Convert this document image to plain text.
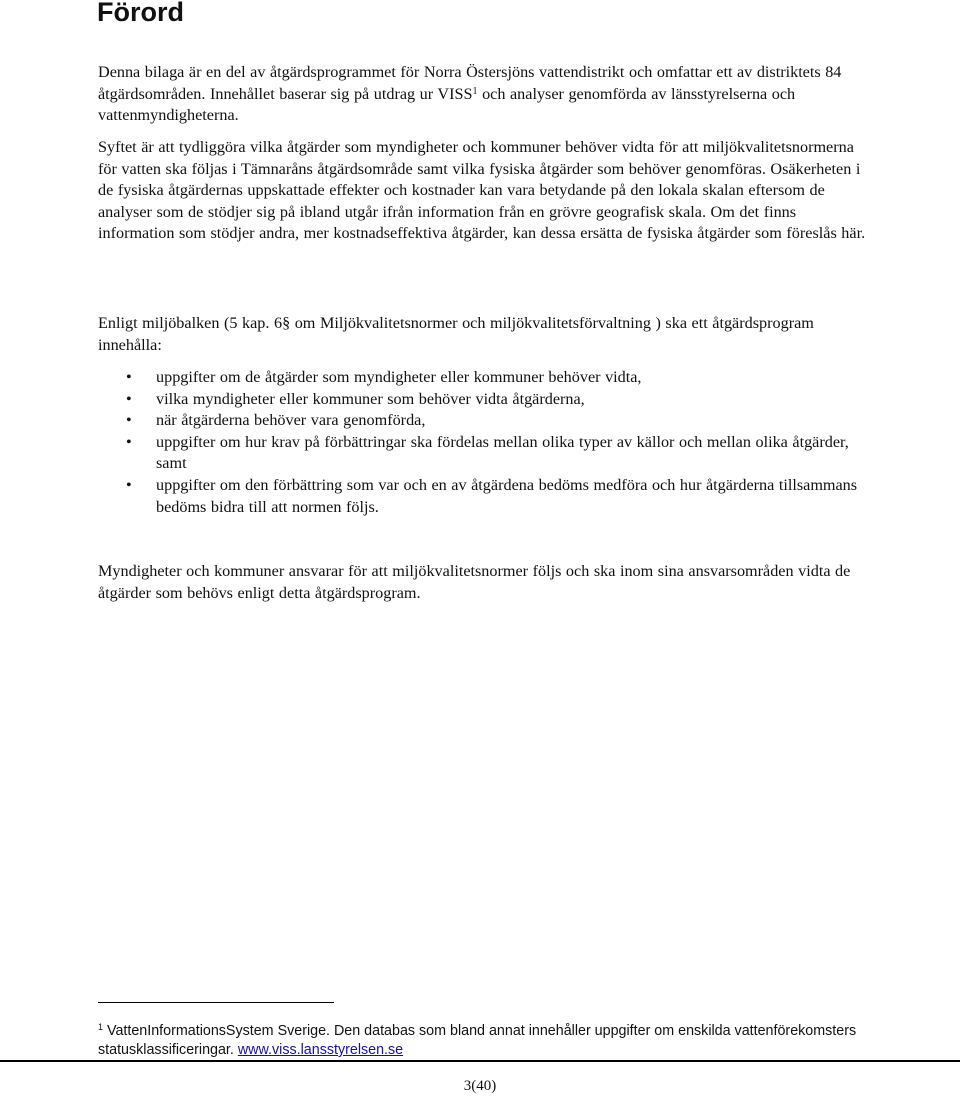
Förord

Denna bilaga är en del av åtgärdsprogrammet för Norra Östersjöns vattendistrikt och omfattar ett av distriktets 84 åtgärdsområden. Innehållet baserar sig på utdrag ur VISS$^1$ och analyser genomförda av länsstyrelserna och vattenmyndigheterna.

Syftet är att tydliggöra vilka åtgärder som myndigheter och kommuner behöver vidta för att miljökvalitetsnormerna för vatten ska följas i Tämnaråns åtgärdsområde samt vilka fysiska åtgärder som behöver genomföras. Osäkerheten i de fysiska åtgärdernas uppskattade effekter och kostnader kan vara betydande på den lokala skalan eftersom de analyser som de stödjer sig på ibland utgår ifrån information från en grövre geografisk skala. Om det finns information som stödjer andra, mer kostnadseffektiva åtgärder, kan dessa ersätta de fysiska åtgärder som föreslås här.

Enligt miljöbalken (5 kap. 6§ om Miljökvalitetsnormer och miljökvalitetsförvaltning ) ska ett åtgärdsprogram innehålla:

• uppgifter om de åtgärder som myndigheter eller kommuner behöver vidta,
• vilka myndigheter eller kommuner som behöver vidta åtgärderna,
• när åtgärderna behöver vara genomförda,
• uppgifter om hur krav på förbättringar ska fördelas mellan olika typer av källor och mellan olika åtgärder, samt
• uppgifter om den förbättring som var och en av åtgärdena bedöms medföra och hur åtgärderna tillsammans bedöms bidra till att normen följs.

Myndigheter och kommuner ansvarar för att miljökvalitetsnormer följs och ska inom sina ansvarsområden vidta de åtgärder som behövs enligt detta åtgärdsprogram.

$^1$ VattenInformationsSystem Sverige. Den databas som bland annat innehåller uppgifter om enskilda vattenförekomsters statusklassificeringar. www.viss.lansstyrelsen.se

3(40)
